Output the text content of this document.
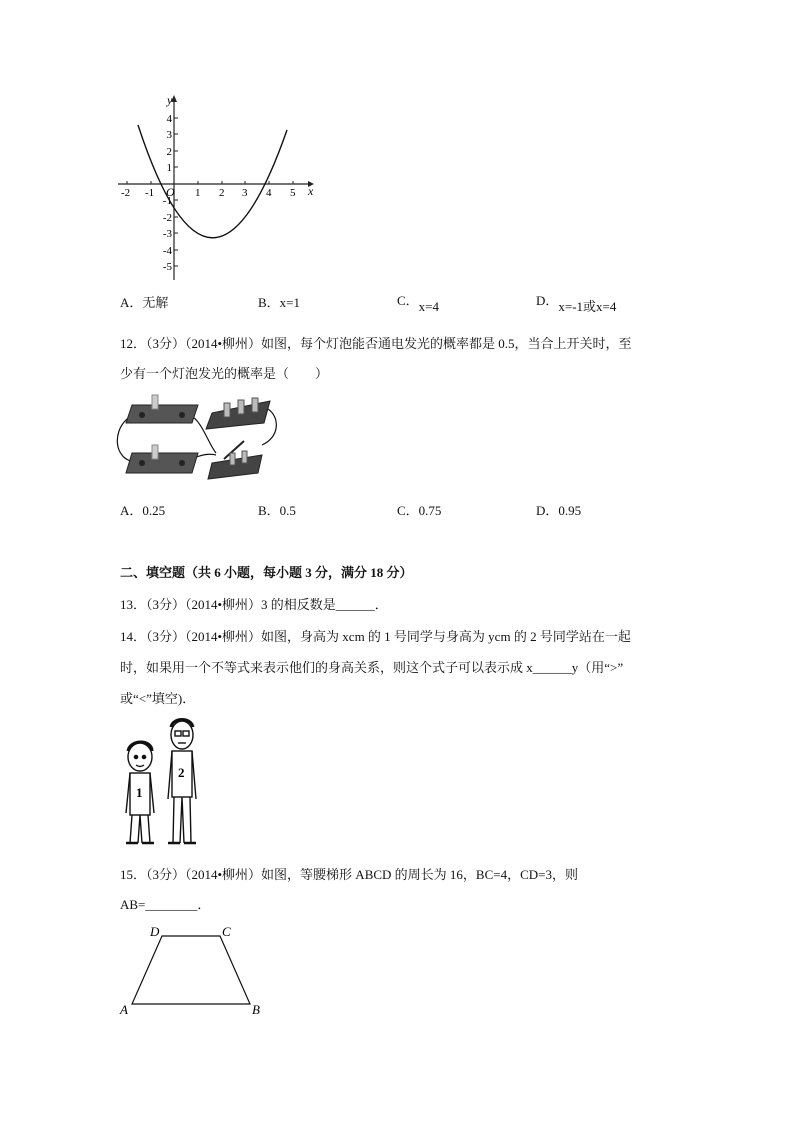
x
y
O
-2 -1	1 2 3 4 5
4
3
2
1
-1
-2
-3
-4
-5
A．无解	B．x=1	C．x=4	D．x=-1或x=4
12．（3分）（2014•柳州）如图，每个灯泡能否通电发光的概率都是 0.5，当合上开关时，至
少有一个灯泡发光的概率是（　　）
A．0.25	B．0.5	C．0.75	D．0.95
二、填空题（共 6 小题，每小题 3 分，满分 18 分）
13．（3分）（2014•柳州）3 的相反数是______．
14．（3分）（2014•柳州）如图，身高为 xcm 的 1 号同学与身高为 ycm 的 2 号同学站在一起
时，如果用一个不等式来表示他们的身高关系，则这个式子可以表示成 x______y（用“>”
或“<”填空)．
1
2
15．（3分）（2014•柳州）如图，等腰梯形 ABCD 的周长为 16，BC=4，CD=3，则
AB=________．
D	C
A	B
